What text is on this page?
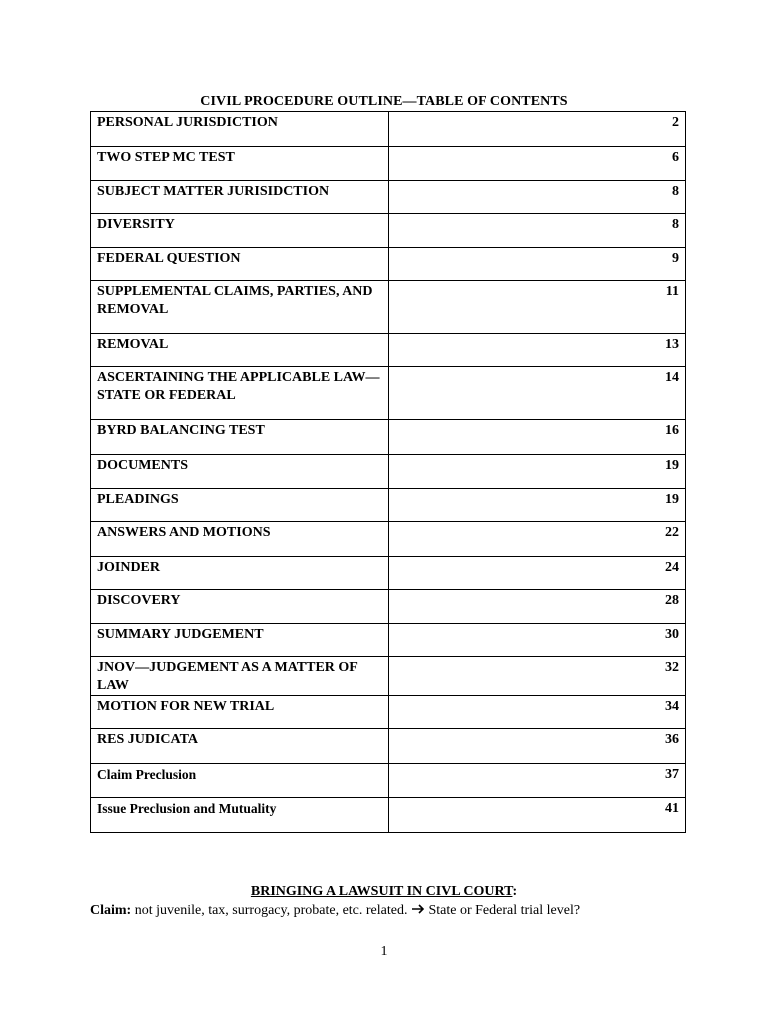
CIVIL PROCEDURE OUTLINE—TABLE OF CONTENTS
PERSONAL JURISDICTION	2
TWO STEP MC TEST	6
SUBJECT MATTER JURISIDCTION	8
DIVERSITY	8
FEDERAL QUESTION	9
SUPPLEMENTAL CLAIMS, PARTIES, AND REMOVAL	11
REMOVAL	13
ASCERTAINING THE APPLICABLE LAW—STATE OR FEDERAL	14
BYRD BALANCING TEST	16
DOCUMENTS	19
PLEADINGS	19
ANSWERS AND MOTIONS	22
JOINDER	24
DISCOVERY	28
SUMMARY JUDGEMENT	30
JNOV—JUDGEMENT AS A MATTER OF LAW	32
MOTION FOR NEW TRIAL	34
RES JUDICATA	36
Claim Preclusion	37
Issue Preclusion and Mutuality	41
BRINGING A LAWSUIT IN CIVL COURT:
Claim: not juvenile, tax, surrogacy, probate, etc. related.  State or Federal trial level?
1
